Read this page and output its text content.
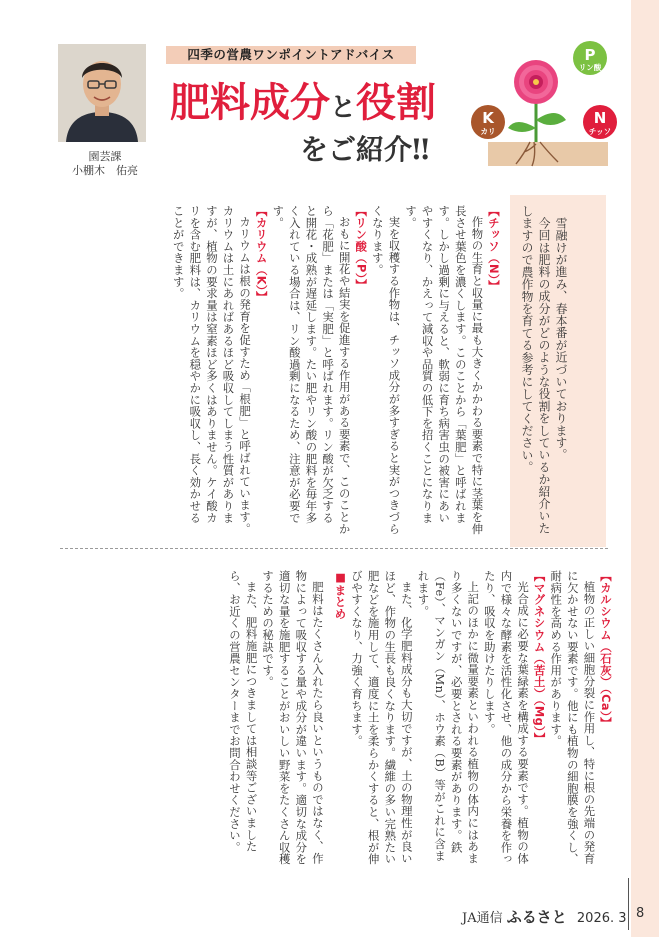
園芸課
小棚木　佑亮
四季の営農ワンポイントアドバイス
肥料成分と役割
をご紹介‼
P
リン酸
K
カリ
N
チッソ

雪融けが進み、春本番が近づいております。

今回は肥料の成分がどのような役割をしているか紹介いたしますので農作物を育てる参考にしてください。

【チッソ（N）】

作物の生育と収量に最も大きくかかわる要素で特に茎葉を伸長させ葉色を濃くします。このことから「葉肥」と呼ばれます。しかし過剰に与えると、軟弱に育ち病害虫の被害にあいやすくなり、かえって減収や品質の低下を招くことになります。

実を収穫する作物は、チッソ成分が多すぎると実がつきづらくなります。

【リン酸（P）】

おもに開花や結実を促進する作用がある要素で、このことから「花肥」または「実肥」と呼ばれます。リン酸が欠乏すると開花・成熟が遅延します。たい肥やリン酸の肥料を毎年多く入れている場合は、リン酸過剰になるため、注意が必要です。

【カリウム（K）】

カリウムは根の発育を促すため「根肥」と呼ばれています。カリウムは土にあればあるほど吸収してしまう性質がありますが、植物の要求量は窒素ほど多くはありません。ケイ酸カリを含む肥料は、カリウムを穏やかに吸収し、長く効かせることができます。

【カルシウム（石灰）（Ca）】

植物の正しい細胞分裂に作用し、特に根の先端の発育に欠かせない要素です。他にも植物の細胞膜を強くし、耐病性を高める作用があります。

【マグネシウム（苦土）（Mg）】

光合成に必要な葉緑素を構成する要素です。植物の体内で様々な酵素を活性化させ、他の成分から栄養を作ったり、吸収を助けたりします。

上記のほかに微量要素といわれる植物の体内にはあまり多くないですが、必要とされる要素があります。鉄（Fe）、マンガン（Mn）、ホウ素（B）等がこれに含まれます。

また、化学肥料成分も大切ですが、土の物理性が良いほど、作物の生長も良くなります。繊維の多い完熟たい肥などを施用して、適度に土を柔らかくすると、根が伸びやすくなり、力強く育ちます。

■まとめ

肥料はたくさん入れたら良いというものではなく、作物によって吸収する量や成分が違います。適切な成分を適切な量を施肥することがおいしい野菜をたくさん収穫するための秘訣です。

また、肥料施肥につきましては相談等ございましたら、お近くの営農センターまでお問合わせください。

JA通信 ふるさと 2026. 3 8
